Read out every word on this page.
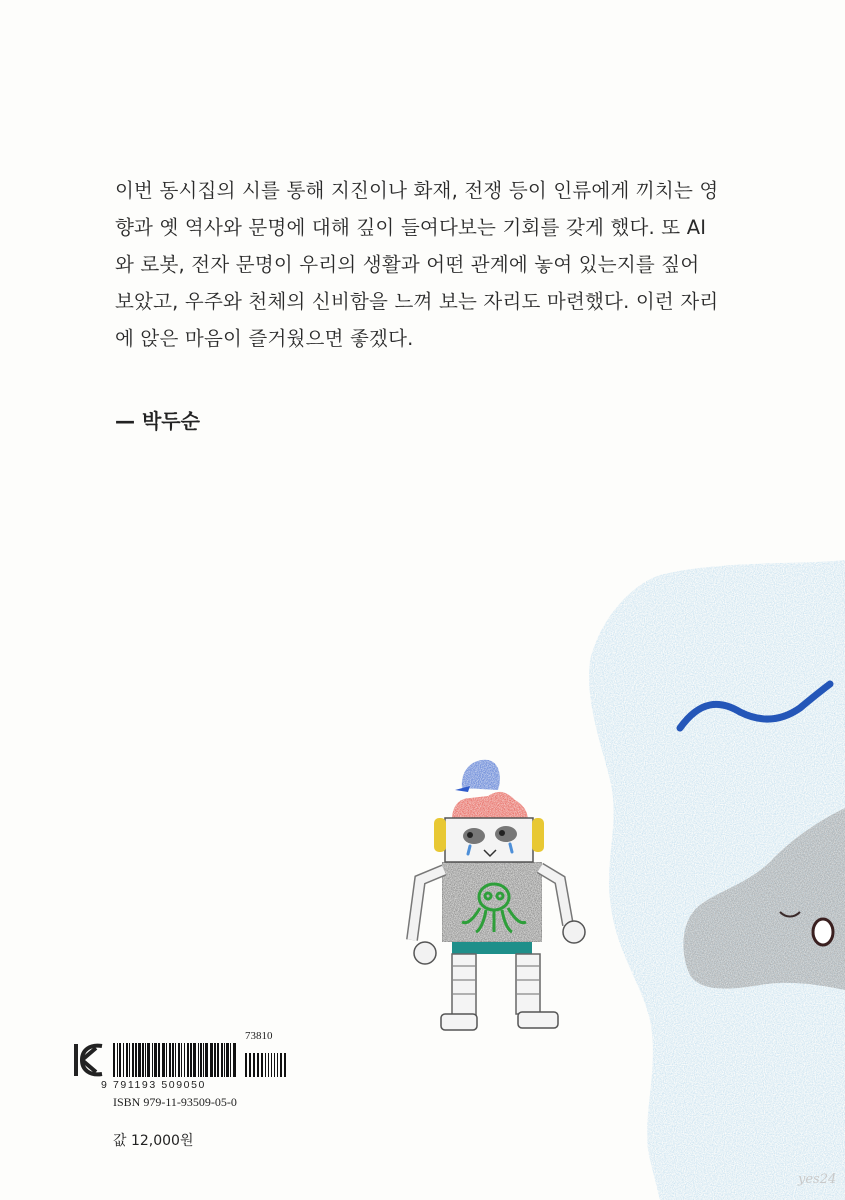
이번 동시집의 시를 통해 지진이나 화재, 전쟁 등이 인류에게 끼치는 영

향과 옛 역사와 문명에 대해 깊이 들여다보는 기회를 갖게 했다. 또 AI

와 로봇, 전자 문명이 우리의 생활과 어떤 관계에 놓여 있는지를 짚어

보았고, 우주와 천체의 신비함을 느껴 보는 자리도 마련했다. 이런 자리

에 앉은 마음이 즐거웠으면 좋겠다.

— 박두순
73810
9 791193 509050
ISBN 979-11-93509-05-0
값 12,000원
yes24
